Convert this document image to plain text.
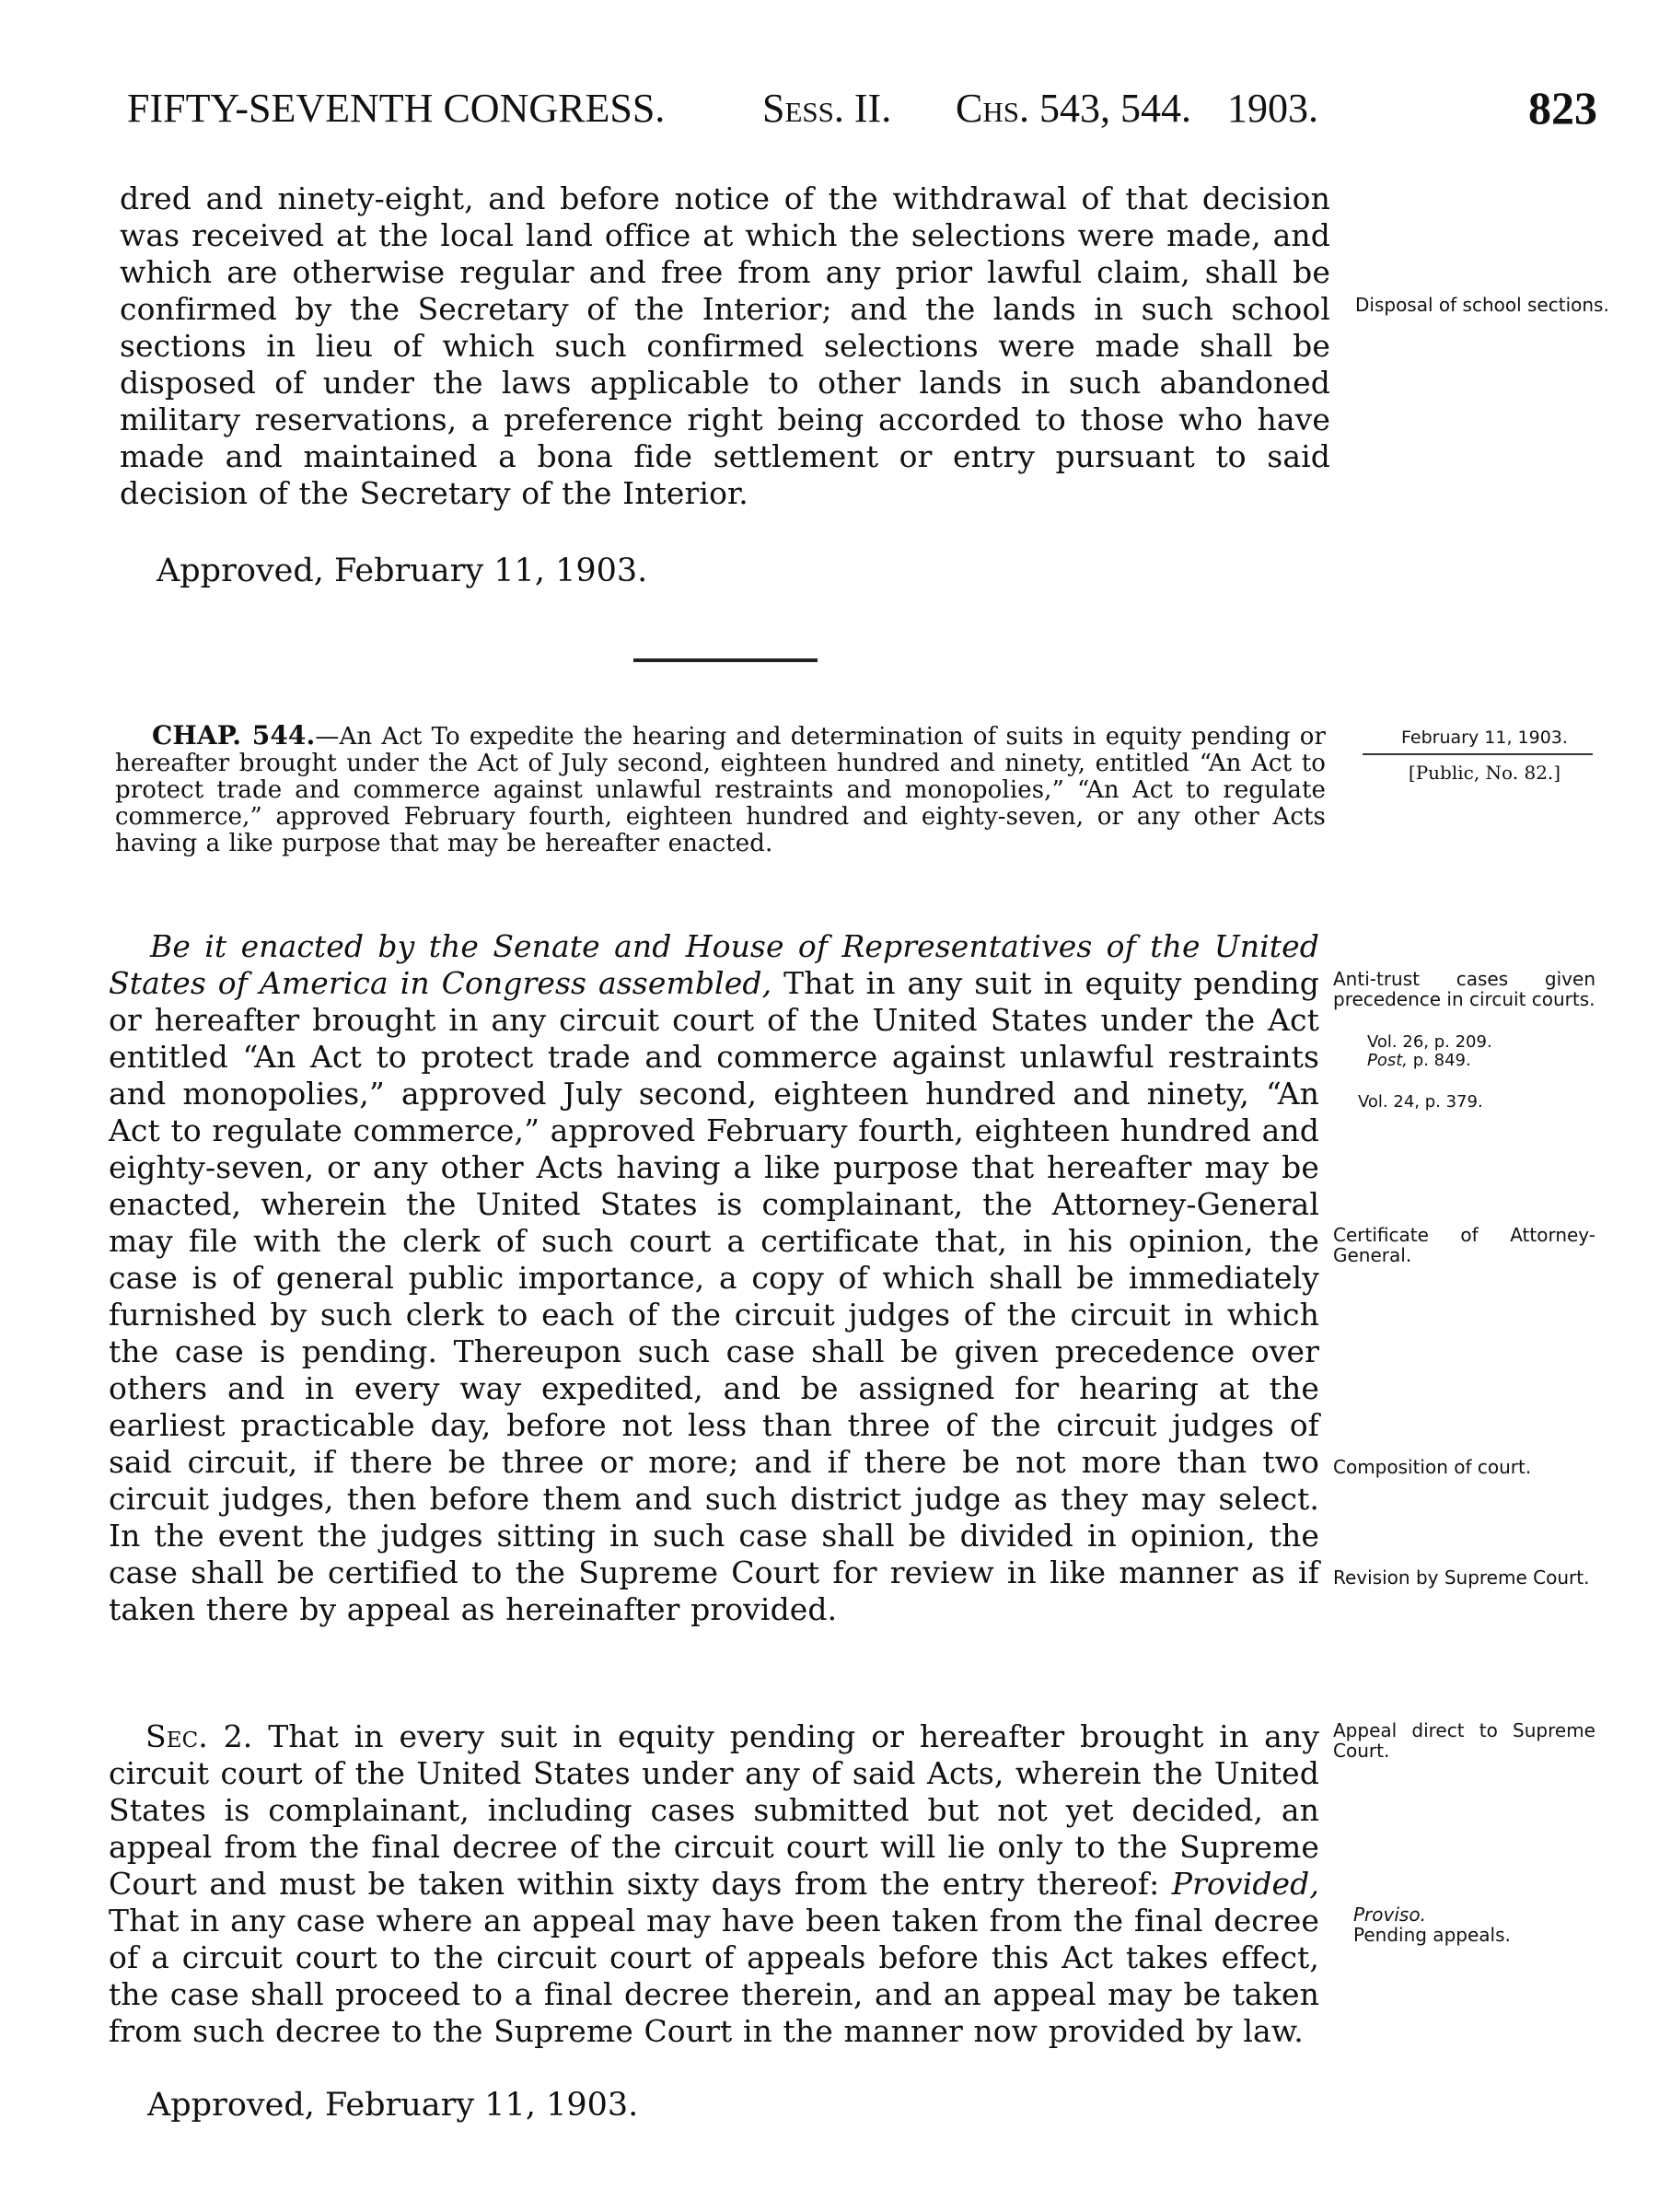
FIFTY-SEVENTH CONGRESS. Sess. II. Chs. 543, 544. 1903.	823
dred and ninety-eight, and before notice of the withdrawal of that decision was received at the local land office at which the selections were made, and which are otherwise regular and free from any prior lawful claim, shall be confirmed by the Secretary of the Interior; and the lands in such school sections in lieu of which such confirmed selections were made shall be disposed of under the laws applicable to other lands in such abandoned military reservations, a preference right being accorded to those who have made and maintained a bona fide settlement or entry pursuant to said decision of the Secretary of the Interior.
Approved, February 11, 1903.
CHAP. 544.—An Act To expedite the hearing and determination of suits in equity pending or hereafter brought under the Act of July second, eighteen hundred and ninety, entitled “An Act to protect trade and commerce against unlawful restraints and monopolies,” “An Act to regulate commerce,” approved February fourth, eighteen hundred and eighty-seven, or any other Acts having a like purpose that may be hereafter enacted.
Be it enacted by the Senate and House of Representatives of the United States of America in Congress assembled, That in any suit in equity pending or hereafter brought in any circuit court of the United States under the Act entitled “An Act to protect trade and commerce against unlawful restraints and monopolies,” approved July second, eighteen hundred and ninety, “An Act to regulate commerce,” approved February fourth, eighteen hundred and eighty-seven, or any other Acts having a like purpose that hereafter may be enacted, wherein the United States is complainant, the Attorney-General may file with the clerk of such court a certificate that, in his opinion, the case is of general public importance, a copy of which shall be immediately furnished by such clerk to each of the circuit judges of the circuit in which the case is pending. Thereupon such case shall be given precedence over others and in every way expedited, and be assigned for hearing at the earliest practicable day, before not less than three of the circuit judges of said circuit, if there be three or more; and if there be not more than two circuit judges, then before them and such district judge as they may select. In the event the judges sitting in such case shall be divided in opinion, the case shall be certified to the Supreme Court for review in like manner as if taken there by appeal as hereinafter provided.
Sec. 2. That in every suit in equity pending or hereafter brought in any circuit court of the United States under any of said Acts, wherein the United States is complainant, including cases submitted but not yet decided, an appeal from the final decree of the circuit court will lie only to the Supreme Court and must be taken within sixty days from the entry thereof: Provided, That in any case where an appeal may have been taken from the final decree of a circuit court to the circuit court of appeals before this Act takes effect, the case shall proceed to a final decree therein, and an appeal may be taken from such decree to the Supreme Court in the manner now provided by law.
Approved, February 11, 1903.
Disposal of school sections.
February 11, 1903.
[Public, No. 82.]
Anti-trust cases given precedence in circuit courts.
Vol. 26, p. 209.
Post, p. 849.
Vol. 24, p. 379.
Certificate of Attorney-General.
Composition of court.
Revision by Supreme Court.
Appeal direct to Supreme Court.
Proviso.
Pending appeals.
